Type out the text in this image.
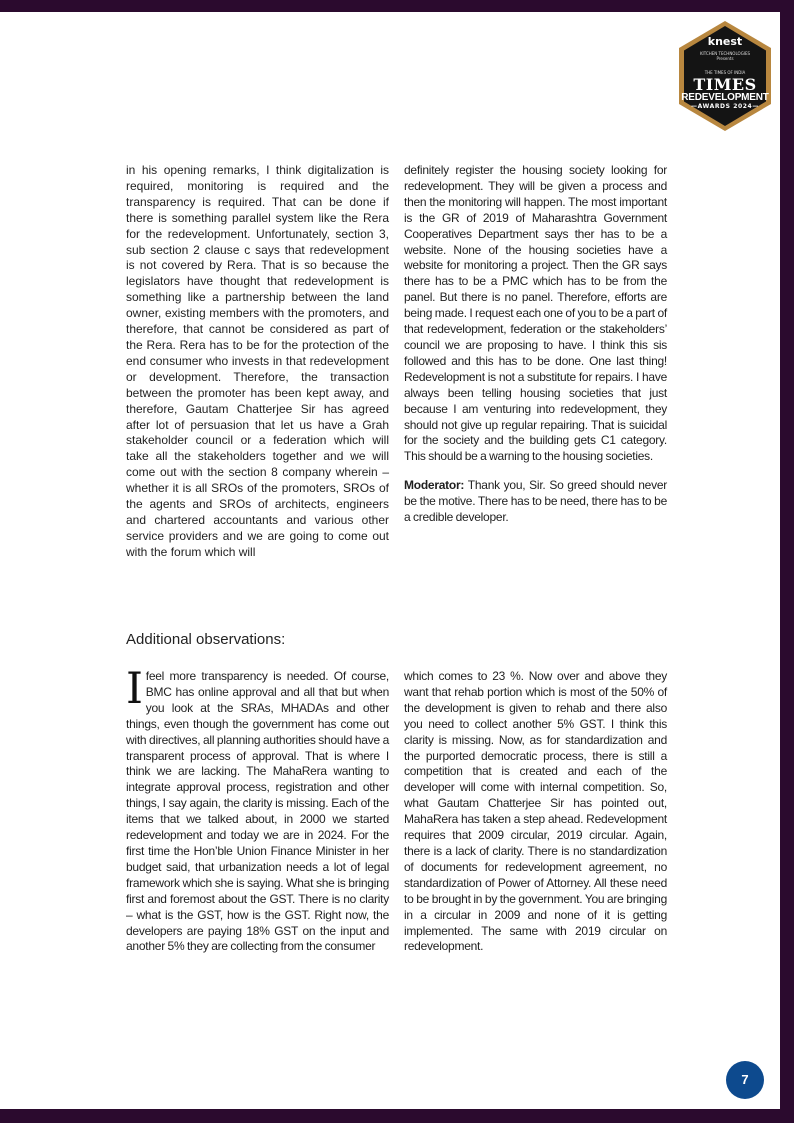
knest
KITCHEN TECHNOLOGIES
Presents
THE TIMES OF INDIA
TIMES
REDEVELOPMENT
—AWARDS 2024—

in his opening remarks, I think digitalization is required, monitoring is required and the transparency is required. That can be done if there is something parallel system like the Rera for the redevelopment. Unfortunately, section 3, sub section 2 clause c says that redevelopment is not covered by Rera. That is so because the legislators have thought that redevelopment is something like a partnership between the land owner, existing members with the promoters, and therefore, that cannot be considered as part of the Rera. Rera has to be for the protection of the end consumer who invests in that redevelopment or development. Therefore, the transaction between the promoter has been kept away, and therefore, Gautam Chatterjee Sir has agreed after lot of persuasion that let us have a Grah stakeholder council or a federation which will take all the stakeholders together and we will come out with the section 8 company wherein – whether it is all SROs of the promoters, SROs of the agents and SROs of architects, engineers and chartered accountants and various other service providers and we are going to come out with the forum which will

definitely register the housing society looking for redevelopment. They will be given a process and then the monitoring will happen. The most important is the GR of 2019 of Maharashtra Government Cooperatives Department says ther has to be a website. None of the housing societies have a website for monitoring a project. Then the GR says there has to be a PMC which has to be from the panel. But there is no panel. Therefore, efforts are being made. I request each one of you to be a part of that redevelopment, federation or the stakeholders’ council we are proposing to have. I think this sis followed and this has to be done. One last thing! Redevelopment is not a substitute for repairs. I have always been telling housing societies that just because I am venturing into redevelopment, they should not give up regular repairing. That is suicidal for the society and the building gets C1 category. This should be a warning to the housing societies.

Moderator: Thank you, Sir. So greed should never be the motive. There has to be need, there has to be a credible developer.

Additional observations:

Ifeel more transparency is needed. Of course, BMC has online approval and all that but when you look at the SRAs, MHADAs and other things, even though the government has come out with directives, all planning authorities should have a transparent process of approval. That is where I think we are lacking. The MahaRera wanting to integrate approval process, registration and other things, I say again, the clarity is missing. Each of the items that we talked about, in 2000 we started redevelopment and today we are in 2024. For the first time the Hon’ble Union Finance Minister in her budget said, that urbanization needs a lot of legal framework which she is saying. What she is bringing first and foremost about the GST. There is no clarity – what is the GST, how is the GST. Right now, the developers are paying 18% GST on the input and another 5% they are collecting from the consumer

which comes to 23 %. Now over and above they want that rehab portion which is most of the 50% of the development is given to rehab and there also you need to collect another 5% GST. I think this clarity is missing. Now, as for standardization and the purported democratic process, there is still a competition that is created and each of the developer will come with internal competition. So, what Gautam Chatterjee Sir has pointed out, MahaRera has taken a step ahead. Redevelopment requires that 2009 circular, 2019 circular. Again, there is a lack of clarity. There is no standardization of documents for redevelopment agreement, no standardization of Power of Attorney. All these need to be brought in by the government. You are bringing in a circular in 2009 and none of it is getting implemented. The same with 2019 circular on redevelopment.

7
